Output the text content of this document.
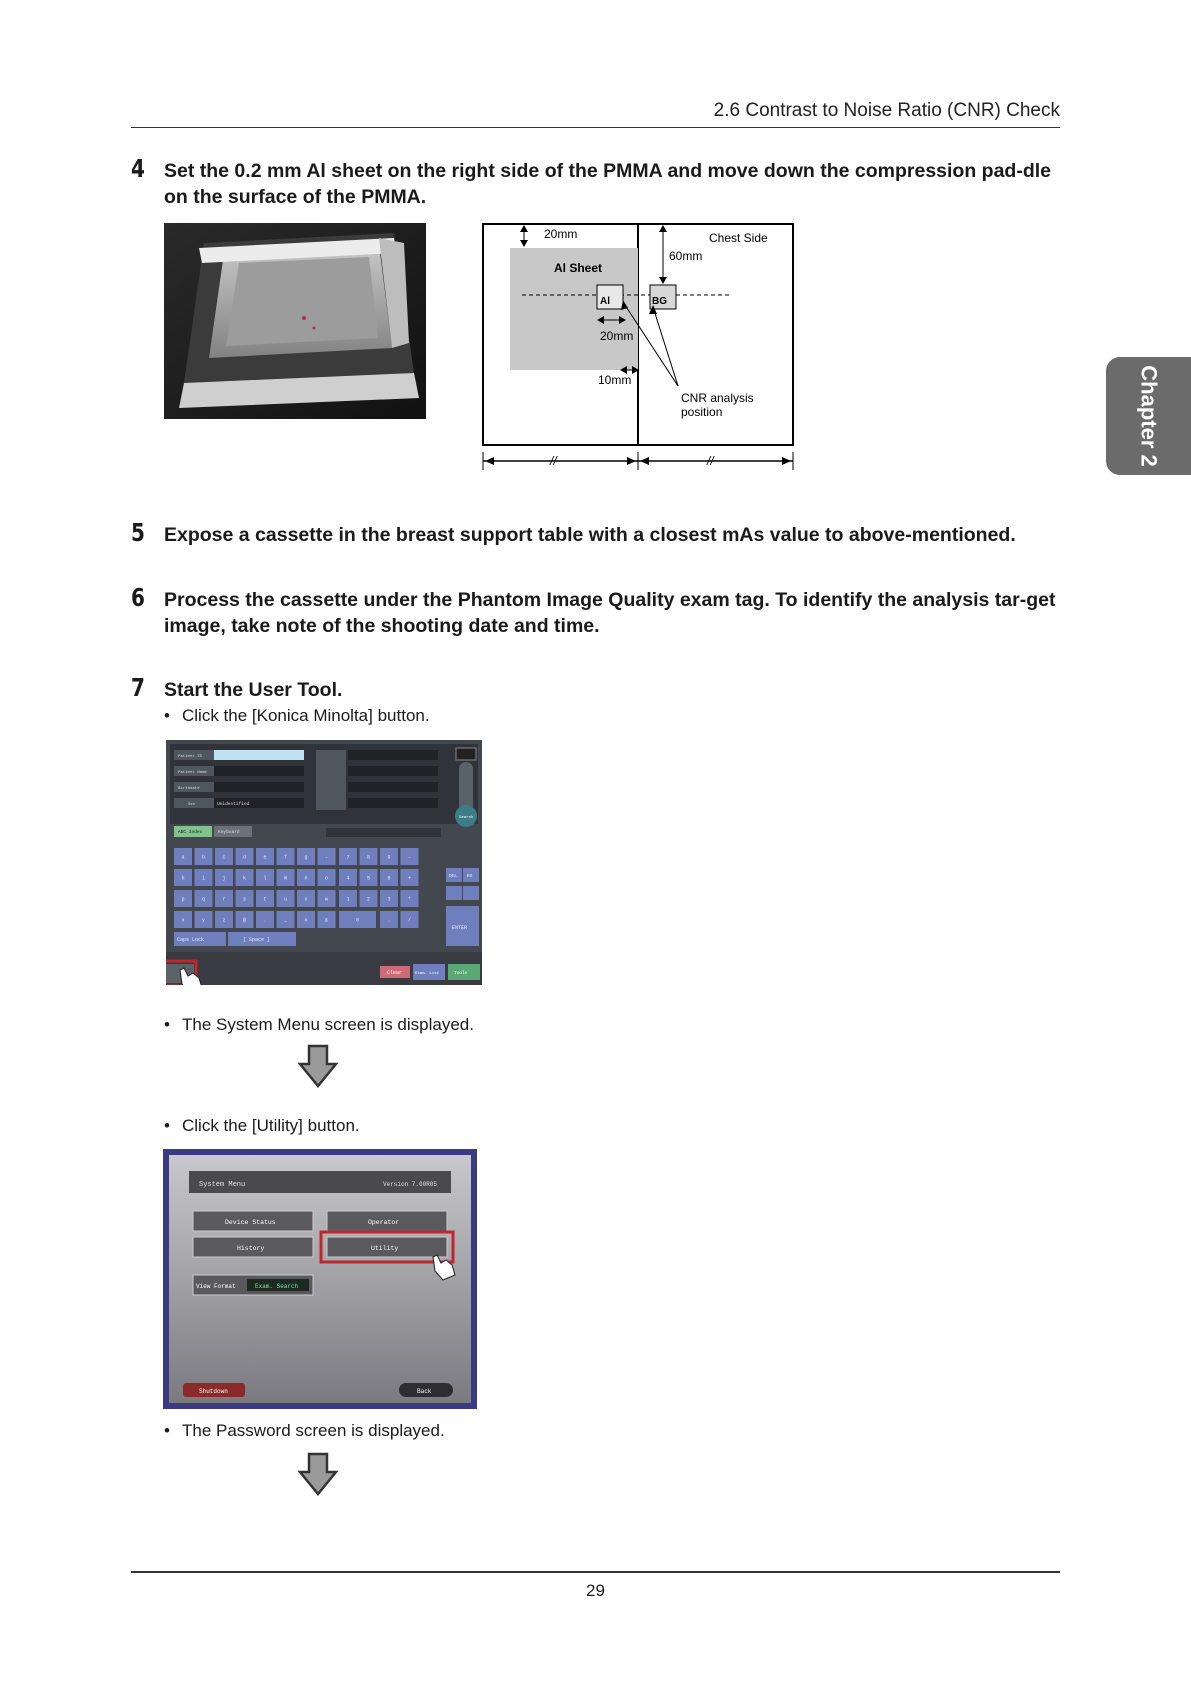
2.6 Contrast to Noise Ratio (CNR) Check
Chapter 2
4 Set the 0.2 mm Al sheet on the right side of the PMMA and move down the compression pad-dle on the surface of the PMMA.
20mm	Chest Side
60mm
Al Sheet
Al	BG
20mm
10mm
CNR analysis
position
//	//
5 Expose a cassette in the breast support table with a closest mAs value to above-mentioned.
6 Process the cassette under the Phantom Image Quality exam tag. To identify the analysis tar-get image, take note of the shooting date and time.
7 Start the User Tool.
• Click the [Konica Minolta] button.
Patient ID
Patient Name
Birthdate
Sex	Unidentified
Search
ABC Index	Keyboard
a	b	c	d	e	f	g	-
h	i	j	k	l	m	n	o
p	q	r	s	t	u	v	w
x	y	z	@	.	_	#	&
7	8	9	-
4	5	6	+
1	2	3	*
0	.	/
Caps Lock	[ Space ]
DEL BS
ENTER
Clear	Exam. List	Tools
• The System Menu screen is displayed.
• Click the [Utility] button.
System Menu	Version 7.00R05
Device Status	Operator
History	Utility
View Format	Exam. Search
Shutdown	Back
• The Password screen is displayed.
29
